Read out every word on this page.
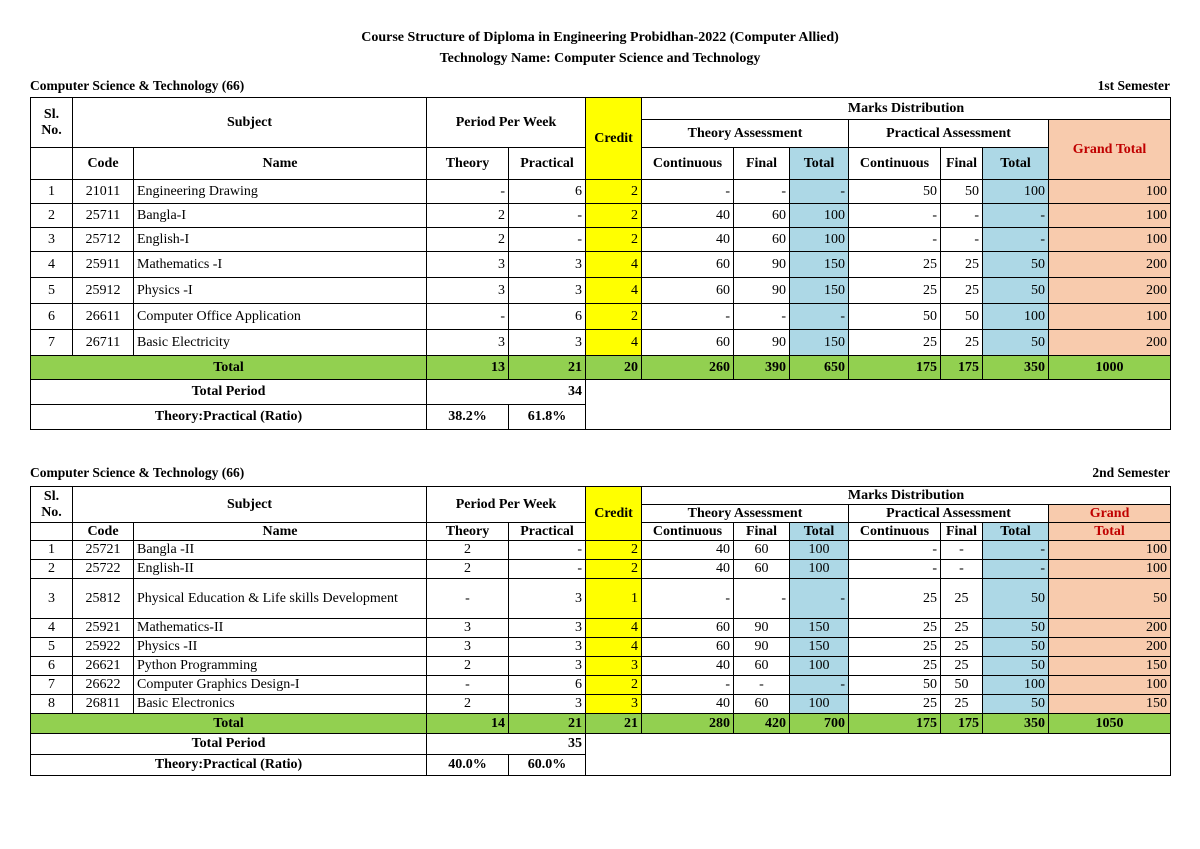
Course Structure of Diploma in Engineering Probidhan-2022 (Computer Allied)
Technology Name: Computer Science and Technology
Computer Science & Technology (66)	1st Semester
Sl.
No.	Subject		Period Per Week		Credit	Marks Distribution						
						Theory Assessment			Practical Assessment			Grand Total
	Code	Name	Theory	Practical		Continuous	Final	Total	Continuous	Final	Total	
1	21011	Engineering Drawing	-	6	2	-	-	-	50	50	100	100
2	25711	Bangla-I	2	-	2	40	60	100	-	-	-	100
3	25712	English-I	2	-	2	40	60	100	-	-	-	100
4	25911	Mathematics -I	3	3	4	60	90	150	25	25	50	200
5	25912	Physics -I	3	3	4	60	90	150	25	25	50	200
6	26611	Computer Office Application	-	6	2	-	-	-	50	50	100	100
7	26711	Basic Electricity	3	3	4	60	90	150	25	25	50	200
Total			13	21	20	260	390	650	175	175	350	1000
Total Period			34									
Theory:Practical (Ratio)			38.2%	61.8%								
Computer Science & Technology (66)	2nd Semester
Sl.
No.	Subject		Period Per Week		Credit	Marks Distribution						
						Theory Assessment			Practical Assessment			Grand
	Code	Name	Theory	Practical		Continuous	Final	Total	Continuous	Final	Total	Total
1	25721	Bangla -II	2	-	2	40	60	100	-	-	-	100
2	25722	English-II	2	-	2	40	60	100	-	-	-	100
3	25812	Physical Education & Life skills Development	-	3	1	-	-	-	25	25	50	50
4	25921	Mathematics-II	3	3	4	60	90	150	25	25	50	200
5	25922	Physics -II	3	3	4	60	90	150	25	25	50	200
6	26621	Python Programming	2	3	3	40	60	100	25	25	50	150
7	26622	Computer Graphics Design-I	-	6	2	-	-	-	50	50	100	100
8	26811	Basic Electronics	2	3	3	40	60	100	25	25	50	150
Total			14	21	21	280	420	700	175	175	350	1050
Total Period			35									
Theory:Practical (Ratio)			40.0%	60.0%								
